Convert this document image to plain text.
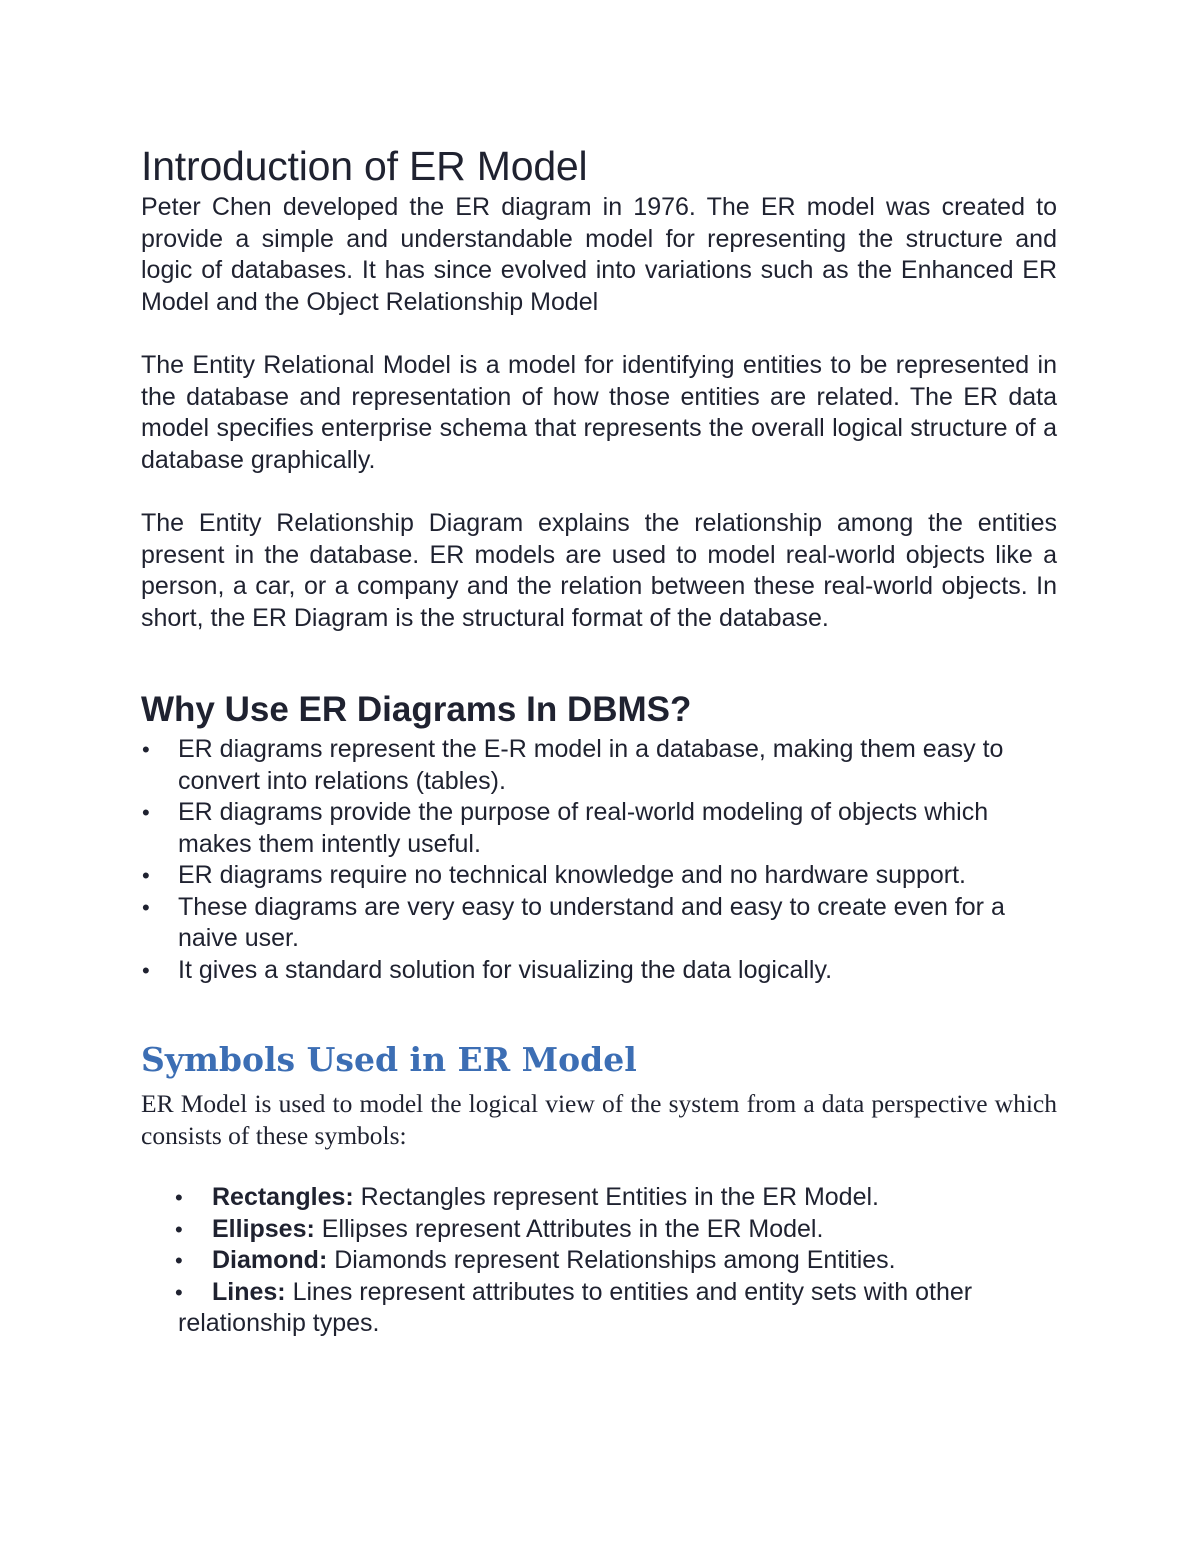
Introduction of ER Model

Peter Chen developed the ER diagram in 1976. The ER model was created to provide a simple and understandable model for representing the structure and logic of databases. It has since evolved into variations such as the Enhanced ER Model and the Object Relationship Model

The Entity Relational Model is a model for identifying entities to be represented in the database and representation of how those entities are related. The ER data model specifies enterprise schema that represents the overall logical structure of a database graphically.

The Entity Relationship Diagram explains the relationship among the entities present in the database. ER models are used to model real-world objects like a person, a car, or a company and the relation between these real-world objects. In short, the ER Diagram is the structural format of the database.

Why Use ER Diagrams In DBMS?
• ER diagrams represent the E-R model in a database, making them easy to convert into relations (tables).
• ER diagrams provide the purpose of real-world modeling of objects which makes them intently useful.
• ER diagrams require no technical knowledge and no hardware support.
• These diagrams are very easy to understand and easy to create even for a naive user.
• It gives a standard solution for visualizing the data logically.
Symbols Used in ER Model

ER Model is used to model the logical view of the system from a data perspective which consists of these symbols:

• Rectangles: Rectangles represent Entities in the ER Model.
• Ellipses: Ellipses represent Attributes in the ER Model.
• Diamond: Diamonds represent Relationships among Entities.
• Lines: Lines represent attributes to entities and entity sets with other relationship types.
